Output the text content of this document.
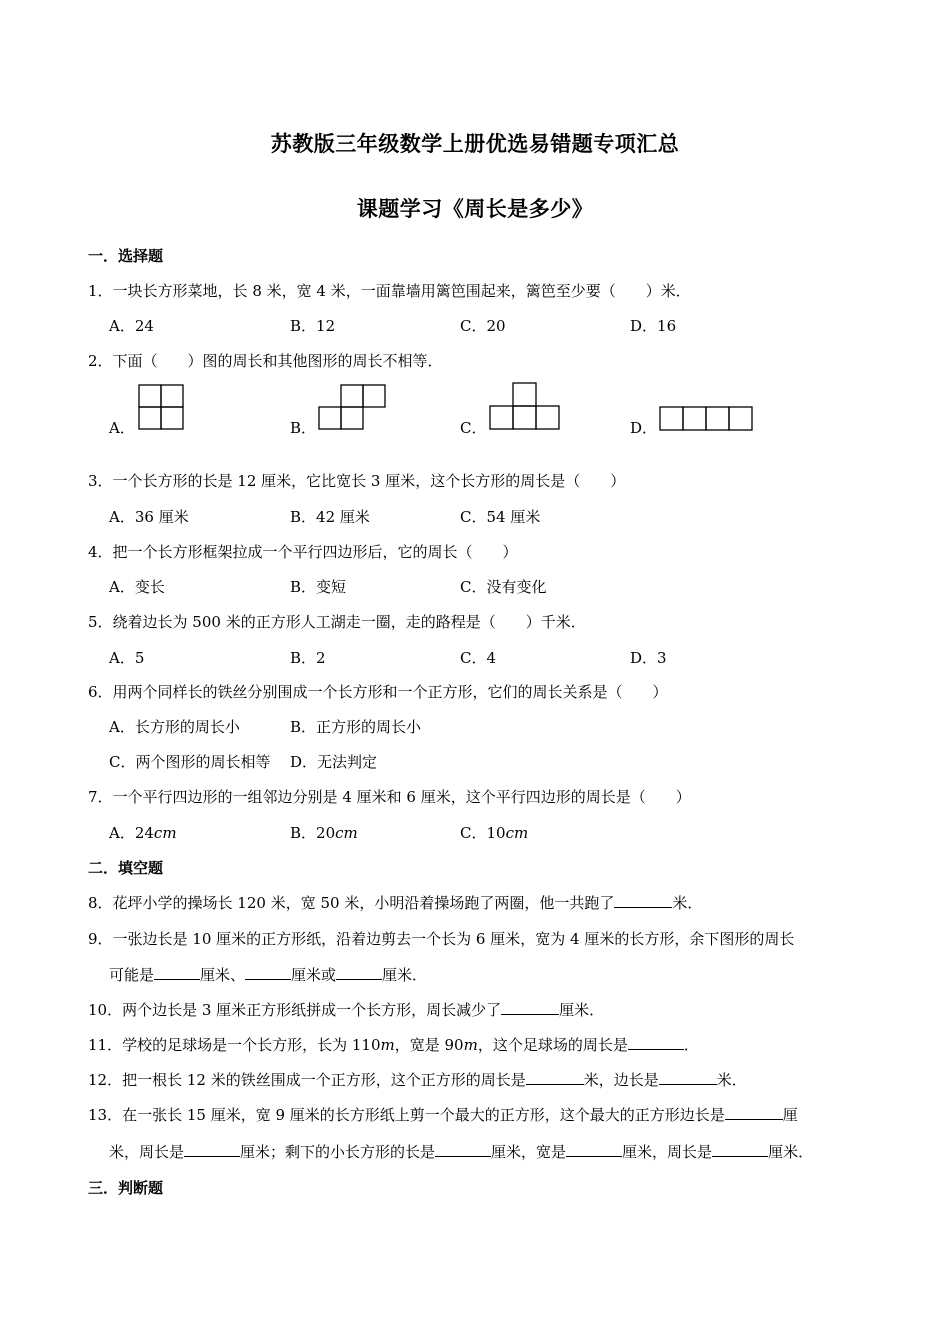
苏教版三年级数学上册优选易错题专项汇总
课题学习《周长是多少》
一．选择题
1．一块长方形菜地，长 8 米，宽 4 米，一面靠墙用篱笆围起来，篱笆至少要（　　）米．
A．24	B．12	C．20	D．16
2．下面（　　）图的周长和其他图形的周长不相等．
A．	B．	C．	D．
3．一个长方形的长是 12 厘米，它比宽长 3 厘米，这个长方形的周长是（　　）
A．36 厘米	B．42 厘米	C．54 厘米
4．把一个长方形框架拉成一个平行四边形后，它的周长（　　）
A．变长	B．变短	C．没有变化
5．绕着边长为 500 米的正方形人工湖走一圈，走的路程是（　　）千米．
A．5	B．2	C．4	D．3
6．用两个同样长的铁丝分别围成一个长方形和一个正方形，它们的周长关系是（　　）
A．长方形的周长小	B．正方形的周长小
C．两个图形的周长相等 D．无法判定
7．一个平行四边形的一组邻边分别是 4 厘米和 6 厘米，这个平行四边形的周长是（　　）
A．24cm	B．20cm	C．10cm
二．填空题
8．花坪小学的操场长 120 米，宽 50 米，小明沿着操场跑了两圈，他一共跑了	米．
9．一张边长是 10 厘米的正方形纸，沿着边剪去一个长为 6 厘米，宽为 4 厘米的长方形，余下图形的周长
可能是	厘米、	厘米或	厘米．
10．两个边长是 3 厘米正方形纸拼成一个长方形，周长减少了	厘米．
11．学校的足球场是一个长方形，长为 110m，宽是 90m，这个足球场的周长是	．
12．把一根长 12 米的铁丝围成一个正方形，这个正方形的周长是	米，边长是	米．
13．在一张长 15 厘米，宽 9 厘米的长方形纸上剪一个最大的正方形，这个最大的正方形边长是	厘
米，周长是	厘米；剩下的小长方形的长是	厘米，宽是	厘米，周长是	厘米．
三．判断题
